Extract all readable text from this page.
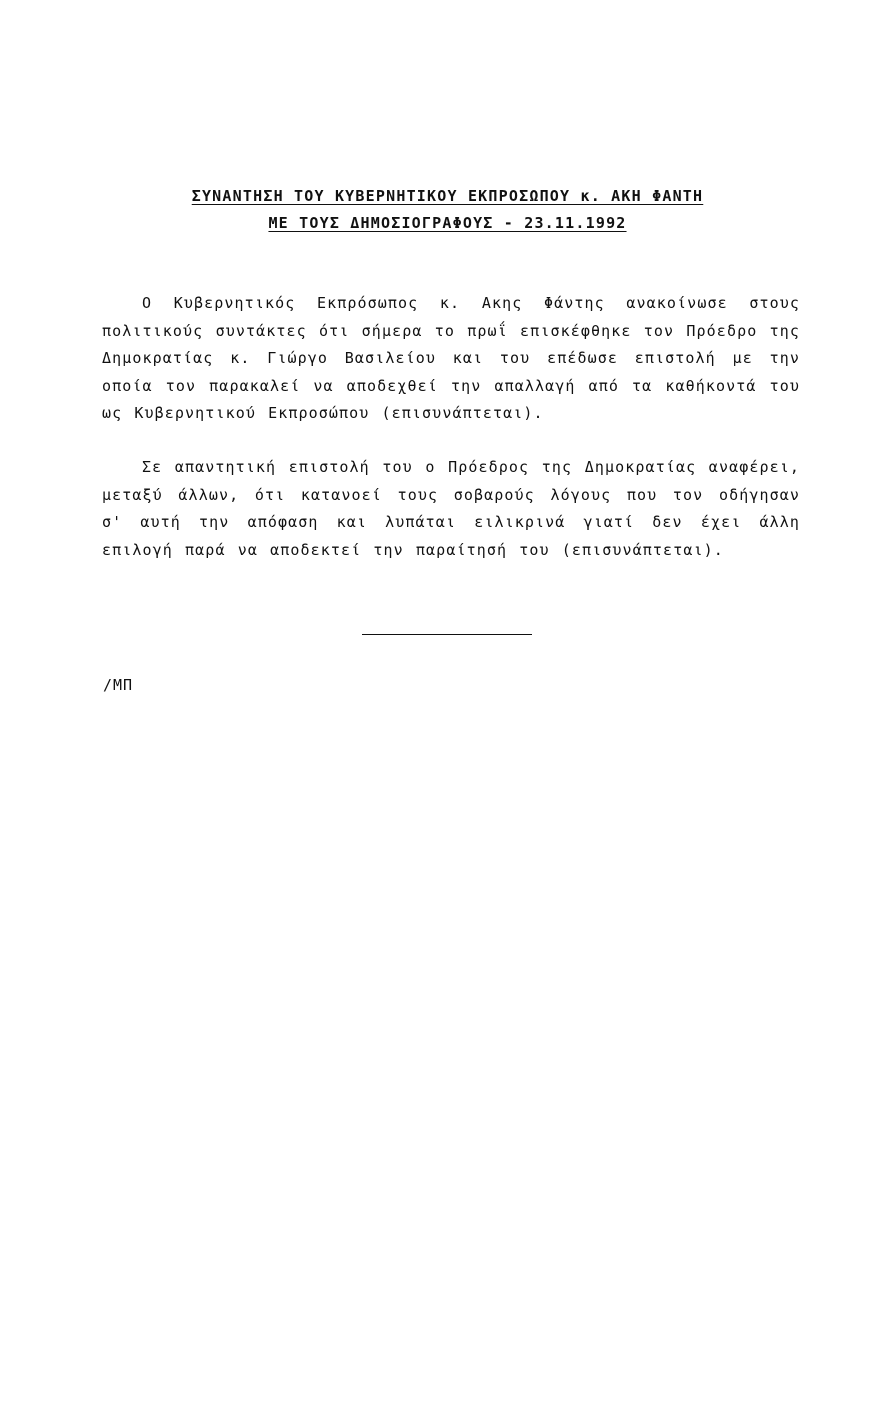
ΣΥΝΑΝΤΗΣΗ ΤΟΥ ΚΥΒΕΡΝΗΤΙΚΟΥ ΕΚΠΡΟΣΩΠΟΥ κ. ΑΚΗ ΦΑΝΤΗ
ΜΕ ΤΟΥΣ ΔΗΜΟΣΙΟΓΡΑΦΟΥΣ - 23.11.1992

Ο Κυβερνητικός Εκπρόσωπος κ. Ακης Φάντης ανακοίνωσε στους πολιτικούς συντάκτες ότι σήμερα το πρωΐ επισκέφθηκε τον Πρόεδρο της Δημοκρατίας κ. Γιώργο Βασιλείου και του επέδωσε επιστολή με την οποία τον παρακαλεί να αποδεχθεί την απαλλαγή από τα καθήκοντά του ως Κυβερνητικού Εκπροσώπου (επισυνάπτεται).

Σε απαντητική επιστολή του ο Πρόεδρος της Δημοκρατίας αναφέρει, μεταξύ άλλων, ότι κατανοεί τους σοβαρούς λόγους που τον οδήγησαν σ' αυτή την απόφαση και λυπάται ειλικρινά γιατί δεν έχει άλλη επιλογή παρά να αποδεκτεί την παραίτησή του (επισυνάπτεται).

/ΜΠ
